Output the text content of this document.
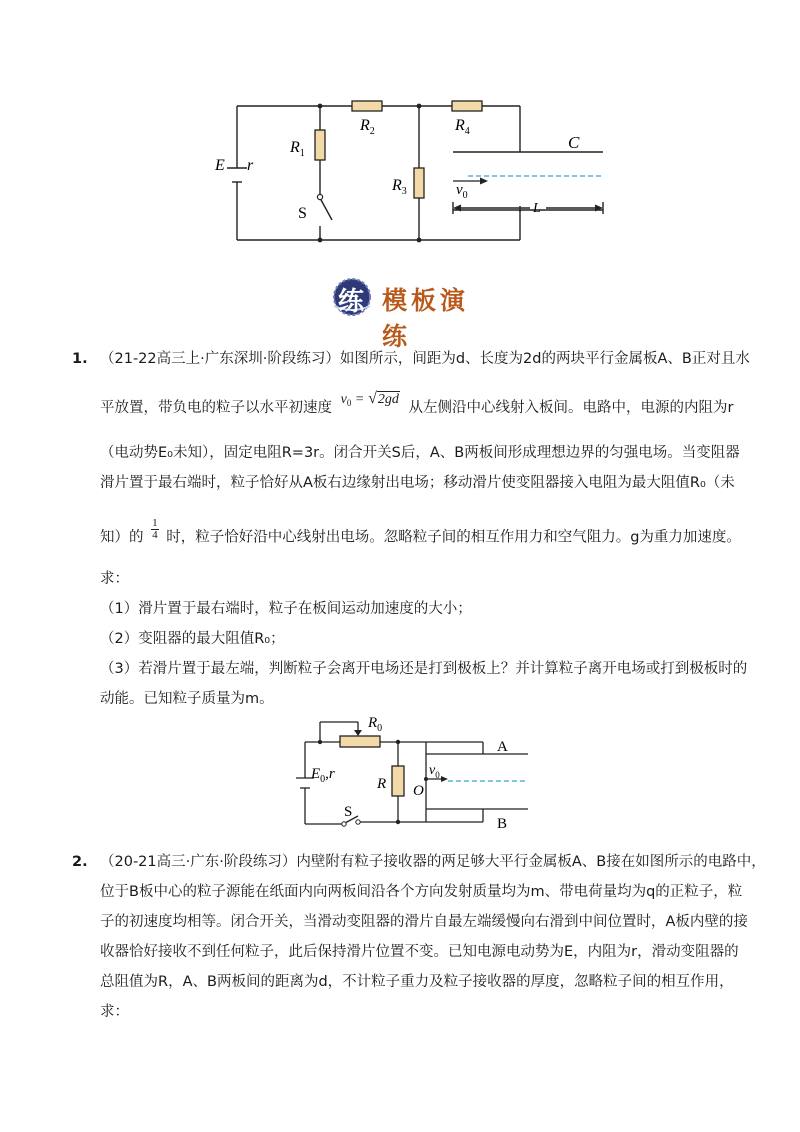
E r
$R_1$
$R_2$
$R_3$
$R_4$
S
C
$v_0$
L
练 模板演练
1. （21-22高三上·广东深圳·阶段练习）如图所示，间距为d、长度为2d的两块平行金属板A、B正对且水
平放置，带负电的粒子以水平初速度 $v_0 = √2gd$ 从左侧沿中心线射入板间。电路中，电源的内阻为r
（电动势E₀未知），固定电阻R=3r。闭合开关S后，A、B两板间形成理想边界的匀强电场。当变阻器
滑片置于最右端时，粒子恰好从A板右边缘射出电场；移动滑片使变阻器接入电阻为最大阻值R₀（未
知）的 $\frac{1}{4}$ 时，粒子恰好沿中心线射出电场。忽略粒子间的相互作用力和空气阻力。g为重力加速度。
求：
（1）滑片置于最右端时，粒子在板间运动加速度的大小；
（2）变阻器的最大阻值R₀；
（3）若滑片置于最左端，判断粒子会离开电场还是打到极板上？并计算粒子离开电场或打到极板时的
动能。已知粒子质量为m。
$R_0$
$E_0,r$
R
S
A
B
O
$v_0$
2. （20-21高三·广东·阶段练习）内壁附有粒子接收器的两足够大平行金属板A、B接在如图所示的电路中，
位于B板中心的粒子源能在纸面内向两板间沿各个方向发射质量均为m、带电荷量均为q的正粒子，粒
子的初速度均相等。闭合开关，当滑动变阻器的滑片自最左端缓慢向右滑到中间位置时，A板内壁的接
收器恰好接收不到任何粒子，此后保持滑片位置不变。已知电源电动势为E，内阻为r，滑动变阻器的
总阻值为R，A、B两板间的距离为d，不计粒子重力及粒子接收器的厚度，忽略粒子间的相互作用，
求：
